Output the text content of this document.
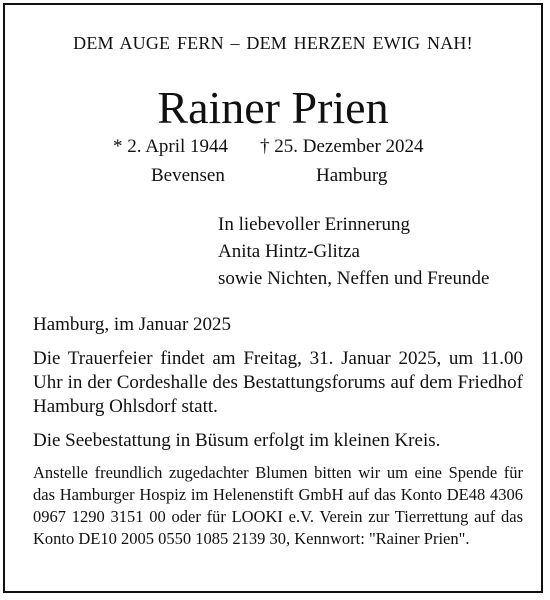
DEM AUGE FERN – DEM HERZEN EWIG NAH!
Rainer Prien
* 2. April 1944 † 25. Dezember 2024
Bevensen	Hamburg
In liebevoller Erinnerung
Anita Hintz-Glitza
sowie Nichten, Neffen und Freunde
Hamburg, im Januar 2025
Die Trauerfeier findet am Freitag, 31. Januar 2025, um 11.00 Uhr in der Cordeshalle des Bestattungsforums auf dem Friedhof Hamburg Ohlsdorf statt.
Die Seebestattung in Büsum erfolgt im kleinen Kreis.
Anstelle freundlich zugedachter Blumen bitten wir um eine Spende für das Hamburger Hospiz im Helenenstift GmbH auf das Konto DE48 4306 0967 1290 3151 00 oder für LOOKI e.V. Verein zur Tierrettung auf das Konto DE10 2005 0550 1085 2139 30, Kennwort: "Rainer Prien".
